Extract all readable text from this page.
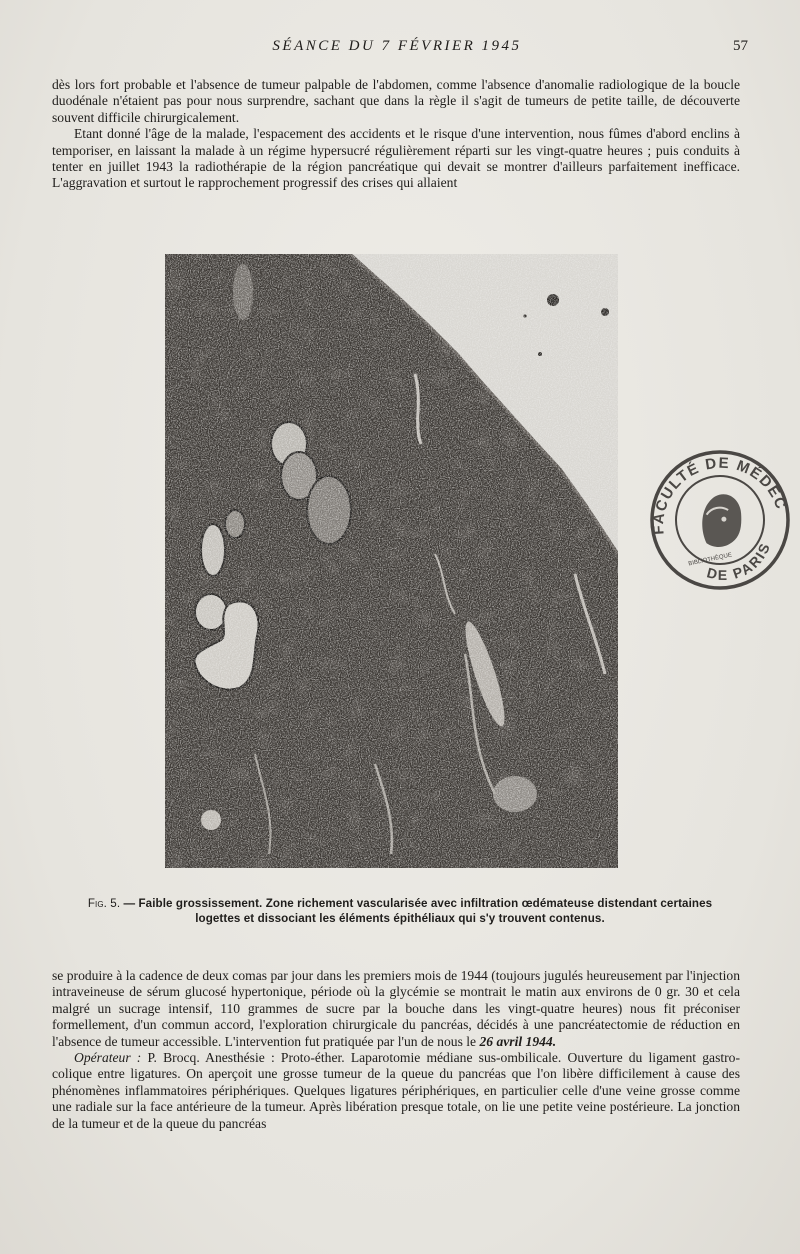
SÉANCE DU 7 FÉVRIER 1945	57

dès lors fort probable et l'absence de tumeur palpable de l'abdomen, comme l'absence d'anomalie radiologique de la boucle duodénale n'étaient pas pour nous surprendre, sachant que dans la règle il s'agit de tumeurs de petite taille, de découverte souvent difficile chirurgicalement.

Etant donné l'âge de la malade, l'espacement des accidents et le risque d'une intervention, nous fûmes d'abord enclins à temporiser, en laissant la malade à un régime hypersucré régulièrement réparti sur les vingt-quatre heures ; puis conduits à tenter en juillet 1943 la radiothérapie de la région pancréatique qui devait se montrer d'ailleurs parfaitement inefficace. L'aggravation et surtout le rapprochement progressif des crises qui allaient

FACULTÉ DE MÉDECINE
DE PARIS
BIBLIOTHÈQUE
Fig. 5. — Faible grossissement. Zone richement vascularisée avec infiltration œdémateuse distendant certaines logettes et dissociant les éléments épithéliaux qui s'y trouvent contenus.

se produire à la cadence de deux comas par jour dans les premiers mois de 1944 (toujours jugulés heureusement par l'injection intraveineuse de sérum glucosé hypertonique, période où la glycémie se montrait le matin aux environs de 0 gr. 30 et cela malgré un sucrage intensif, 110 grammes de sucre par la bouche dans les vingt-quatre heures) nous fit préconiser formellement, d'un commun accord, l'exploration chirurgicale du pancréas, décidés à une pancréatectomie de réduction en l'absence de tumeur accessible. L'intervention fut pratiquée par l'un de nous le 26 avril 1944.

Opérateur : P. Brocq. Anesthésie : Proto-éther. Laparotomie médiane sus-ombilicale. Ouverture du ligament gastro-colique entre ligatures. On aperçoit une grosse tumeur de la queue du pancréas que l'on libère difficilement à cause des phénomènes inflammatoires périphériques. Quelques ligatures périphériques, en particulier celle d'une veine grosse comme une radiale sur la face antérieure de la tumeur. Après libération presque totale, on lie une petite veine postérieure. La jonction de la tumeur et de la queue du pancréas
